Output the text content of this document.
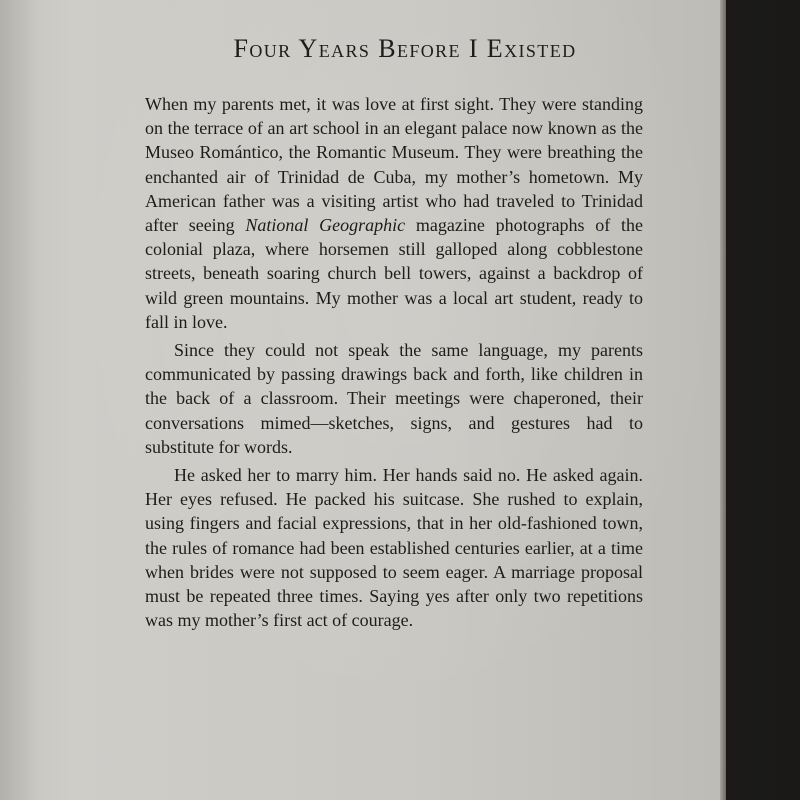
Four Years Before I Existed

When my parents met, it was love at first sight. They were standing on the terrace of an art school in an elegant palace now known as the Museo Romántico, the Romantic Museum. They were breathing the enchanted air of Trinidad de Cuba, my mother’s hometown. My American father was a visiting artist who had traveled to Trinidad after seeing National Geographic magazine photographs of the colonial plaza, where horsemen still galloped along cobblestone streets, beneath soaring church bell towers, against a backdrop of wild green mountains. My mother was a local art student, ready to fall in love.

Since they could not speak the same language, my parents communicated by passing drawings back and forth, like children in the back of a classroom. Their meetings were chaperoned, their conversations mimed—sketches, signs, and gestures had to substitute for words.

He asked her to marry him. Her hands said no. He asked again. Her eyes refused. He packed his suitcase. She rushed to explain, using fingers and facial expressions, that in her old-fashioned town, the rules of romance had been established centuries earlier, at a time when brides were not supposed to seem eager. A marriage proposal must be repeated three times. Saying yes after only two repetitions was my mother’s first act of courage.
